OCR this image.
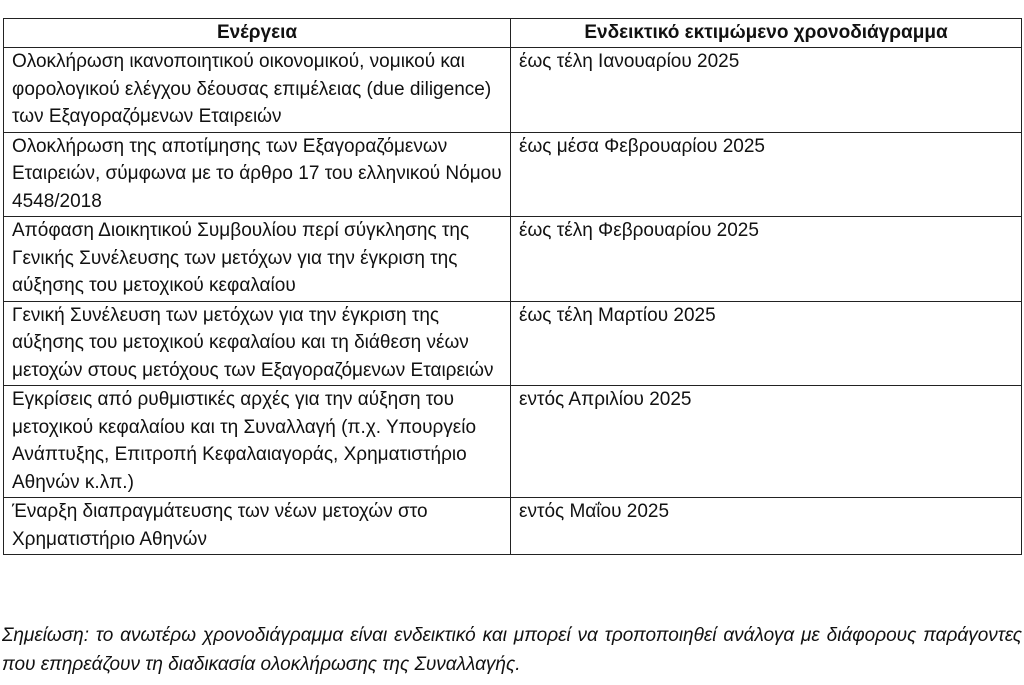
Ενέργεια	Ενδεικτικό εκτιμώμενο χρονοδιάγραμμα
Ολοκλήρωση ικανοποιητικού οικονομικού, νομικού και φορολογικού ελέγχου δέουσας επιμέλειας (due diligence) των Εξαγοραζόμενων Εταιρειών	έως τέλη Ιανουαρίου 2025
Ολοκλήρωση της αποτίμησης των Εξαγοραζόμενων Εταιρειών, σύμφωνα με το άρθρο 17 του ελληνικού Νόμου 4548/2018	έως μέσα Φεβρουαρίου 2025
Απόφαση Διοικητικού Συμβουλίου περί σύγκλησης της Γενικής Συνέλευσης των μετόχων για την έγκριση της αύξησης του μετοχικού κεφαλαίου	έως τέλη Φεβρουαρίου 2025
Γενική Συνέλευση των μετόχων για την έγκριση της αύξησης του μετοχικού κεφαλαίου και τη διάθεση νέων μετοχών στους μετόχους των Εξαγοραζόμενων Εταιρειών	έως τέλη Μαρτίου 2025
Εγκρίσεις από ρυθμιστικές αρχές για την αύξηση του μετοχικού κεφαλαίου και τη Συναλλαγή (π.χ. Υπουργείο Ανάπτυξης, Επιτροπή Κεφαλαιαγοράς, Χρηματιστήριο Αθηνών κ.λπ.)	εντός Απριλίου 2025
Έναρξη διαπραγμάτευσης των νέων μετοχών στο Χρηματιστήριο Αθηνών	εντός Μαΐου 2025
Σημείωση: το ανωτέρω χρονοδιάγραμμα είναι ενδεικτικό και μπορεί να τροποποιηθεί ανάλογα με διάφορους παράγοντες που επηρεάζουν τη διαδικασία ολοκλήρωσης της Συναλλαγής.
